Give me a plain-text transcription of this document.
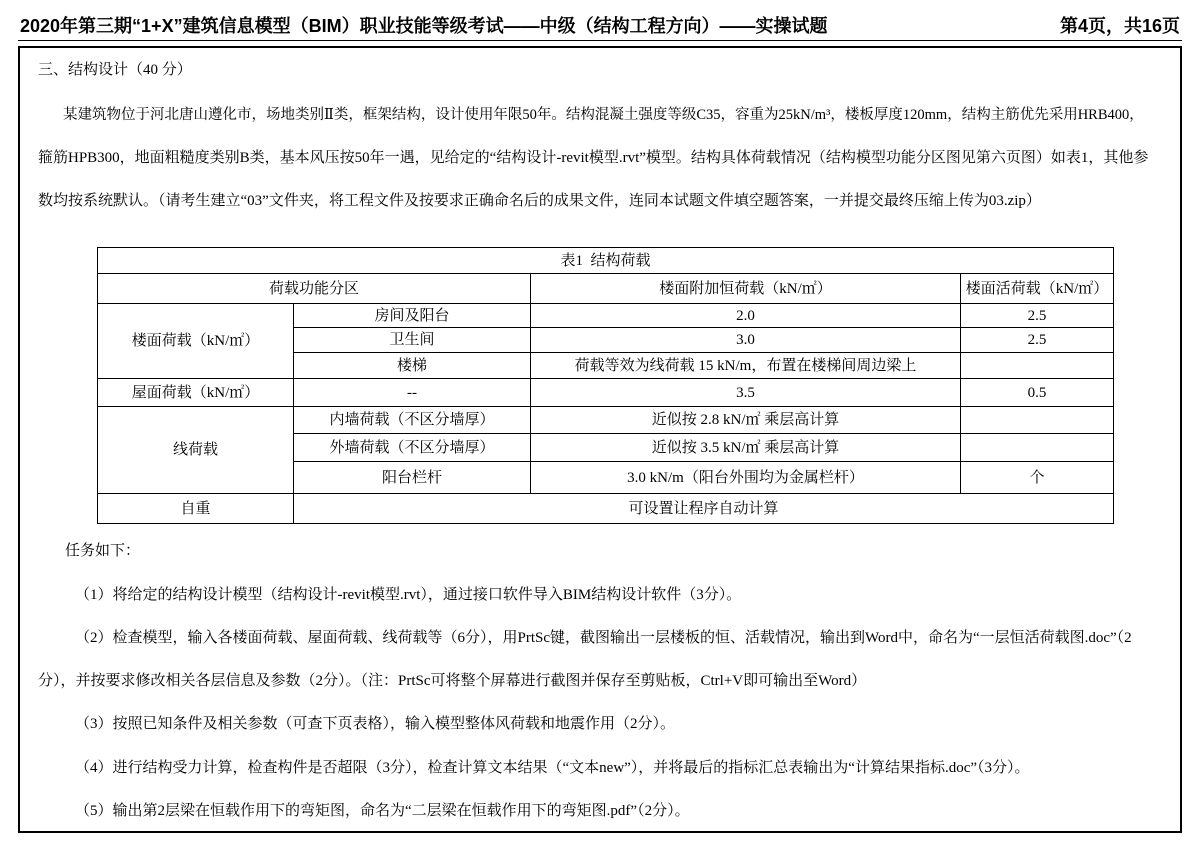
2020年第三期“1+X”建筑信息模型（BIM）职业技能等级考试——中级（结构工程方向）——实操试题	第4页，共16页
三、结构设计（40 分）
某建筑物位于河北唐山遵化市，场地类别Ⅱ类，框架结构，设计使用年限50年。结构混凝土强度等级C35，容重为25kN/m³，楼板厚度120mm，结构主筋优先采用HRB400，
箍筋HPB300，地面粗糙度类别B类，基本风压按50年一遇，见给定的“结构设计-revit模型.rvt”模型。结构具体荷载情况（结构模型功能分区图见第六页图）如表1，其他参
数均按系统默认。（请考生建立“03”文件夹，将工程文件及按要求正确命名后的成果文件，连同本试题文件填空题答案，一并提交最终压缩上传为03.zip）
表1  结构荷载			
荷载功能分区		楼面附加恒荷载（kN/㎡）	楼面活荷载（kN/㎡）
楼面荷载（kN/㎡）	房间及阳台	2.0	2.5
	卫生间	3.0	2.5
	楼梯	荷载等效为线荷载 15 kN/m，布置在楼梯间周边梁上	
屋面荷载（kN/㎡）	--	3.5	0.5
线荷载	内墙荷载（不区分墙厚）	近似按 2.8 kN/㎡ 乘层高计算	
	外墙荷载（不区分墙厚）	近似按 3.5 kN/㎡ 乘层高计算	
	阳台栏杆	3.0 kN/m（阳台外围均为金属栏杆）	个
自重	可设置让程序自动计算		
任务如下：
（1）将给定的结构设计模型（结构设计-revit模型.rvt），通过接口软件导入BIM结构设计软件（3分）。
（2）检查模型，输入各楼面荷载、屋面荷载、线荷载等（6分），用PrtSc键，截图输出一层楼板的恒、活载情况，输出到Word中，命名为“一层恒活荷载图.doc”（2
分），并按要求修改相关各层信息及参数（2分）。（注：PrtSc可将整个屏幕进行截图并保存至剪贴板，Ctrl+V即可输出至Word）
（3）按照已知条件及相关参数（可查下页表格），输入模型整体风荷载和地震作用（2分）。
（4）进行结构受力计算，检查构件是否超限（3分），检查计算文本结果（“文本new”），并将最后的指标汇总表输出为“计算结果指标.doc”（3分）。
（5）输出第2层梁在恒载作用下的弯矩图，命名为“二层梁在恒载作用下的弯矩图.pdf”（2分）。
